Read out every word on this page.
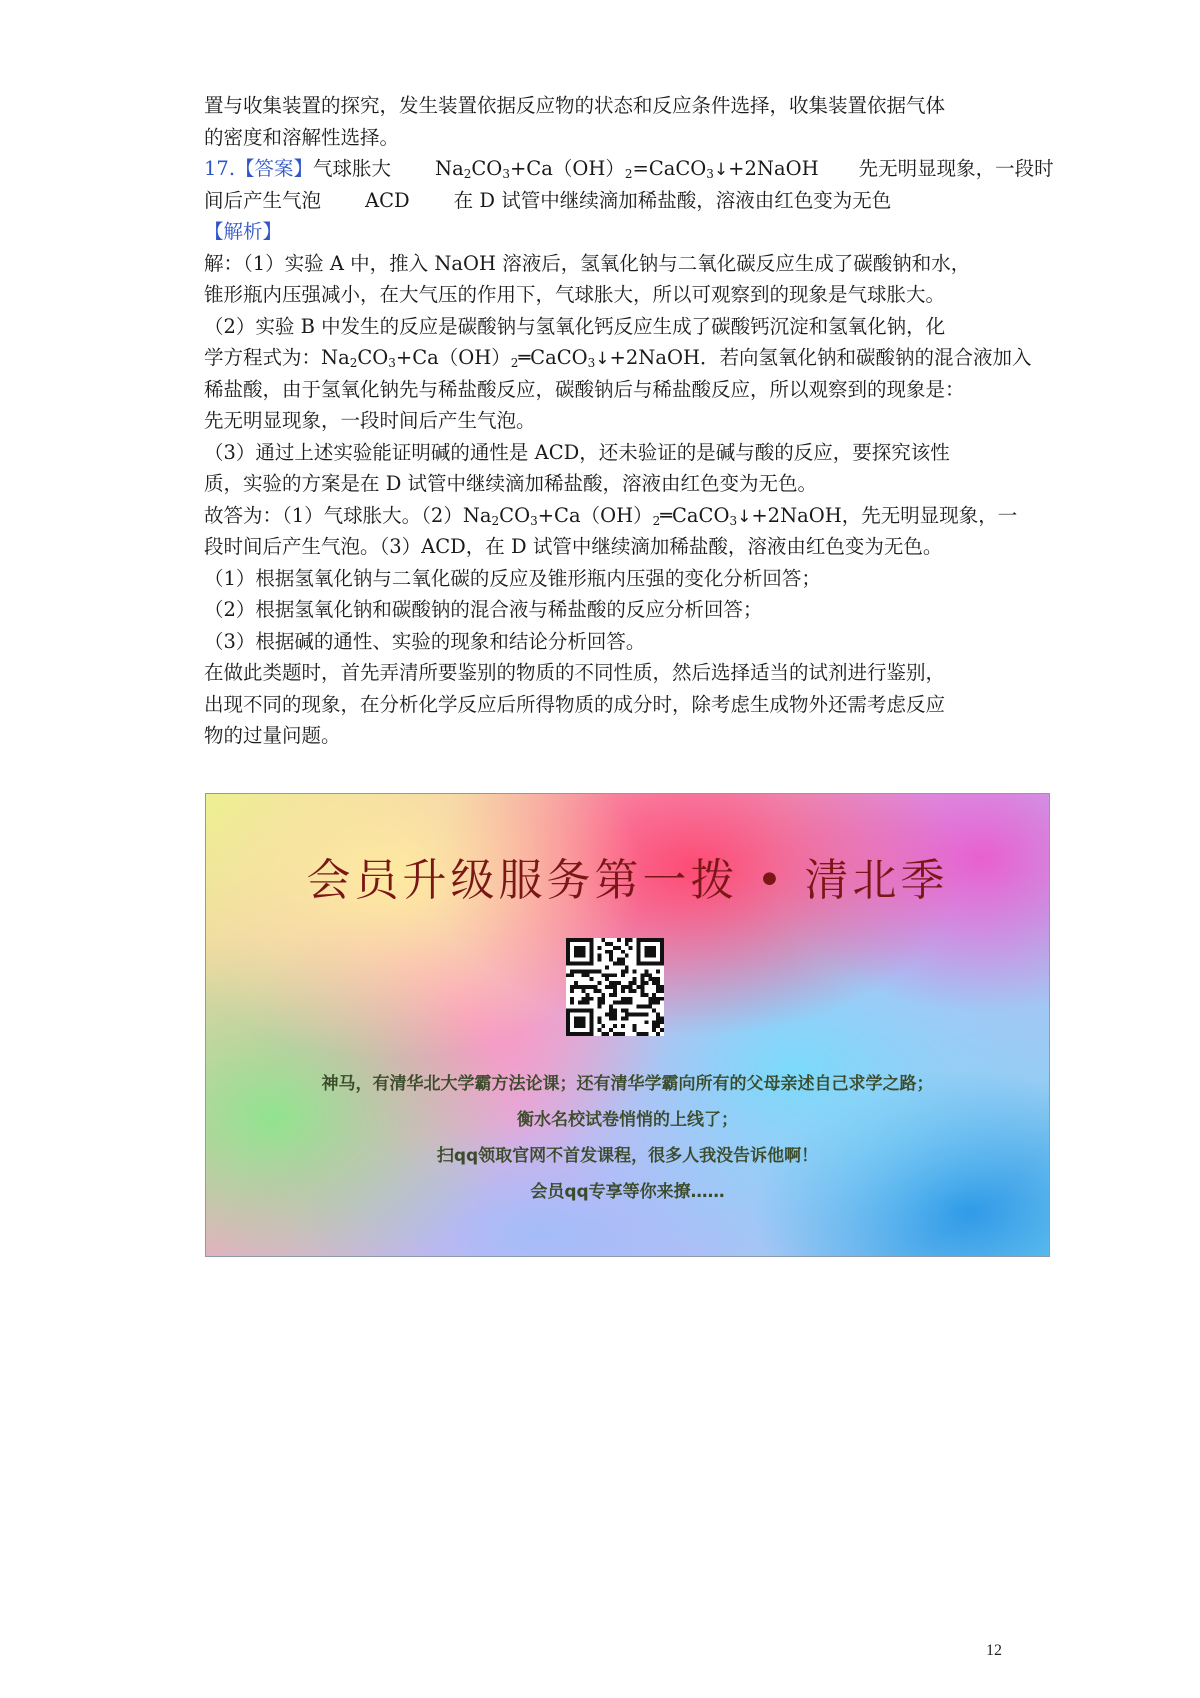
置与收集装置的探究，发生装置依据反应物的状态和反应条件选择，收集装置依据气体
的密度和溶解性选择。
17.【答案】气球胀大 $Na_2CO_3+Ca(OH)_2=CaCO_3↓+2NaOH$ 先无明显现象，一段时
间后产生气泡 ACD 在 D 试管中继续滴加稀盐酸，溶液由红色变为无色
【解析】
解：（1）实验 A 中，推入 NaOH 溶液后，氢氧化钠与二氧化碳反应生成了碳酸钠和水，
锥形瓶内压强减小，在大气压的作用下，气球胀大，所以可观察到的现象是气球胀大。
（2）实验 B 中发生的反应是碳酸钠与氢氧化钙反应生成了碳酸钙沉淀和氢氧化钠，化
学方程式为：$Na_2CO_3+Ca(OH)_2═CaCO_3↓+2NaOH$．若向氢氧化钠和碳酸钠的混合液加入
稀盐酸，由于氢氧化钠先与稀盐酸反应，碳酸钠后与稀盐酸反应，所以观察到的现象是：
先无明显现象，一段时间后产生气泡。
（3）通过上述实验能证明碱的通性是 ACD，还未验证的是碱与酸的反应，要探究该性
质，实验的方案是在 D 试管中继续滴加稀盐酸，溶液由红色变为无色。
故答为：（1）气球胀大。$(2)Na_2CO_3+Ca(OH)_2═CaCO_3↓+2NaOH$，先无明显现象，一
段时间后产生气泡。（3）ACD，在 D 试管中继续滴加稀盐酸，溶液由红色变为无色。
（1）根据氢氧化钠与二氧化碳的反应及锥形瓶内压强的变化分析回答；
（2）根据氢氧化钠和碳酸钠的混合液与稀盐酸的反应分析回答；
（3）根据碱的通性、实验的现象和结论分析回答。
在做此类题时，首先弄清所要鉴别的物质的不同性质，然后选择适当的试剂进行鉴别，
出现不同的现象，在分析化学反应后所得物质的成分时，除考虑生成物外还需考虑反应
物的过量问题。
会员升级服务第一拨 • 清北季
神马，有清华北大学霸方法论课；还有清华学霸向所有的父母亲述自己求学之路；
衡水名校试卷悄悄的上线了；
扫qq领取官网不首发课程，很多人我没告诉他啊！
会员qq专享等你来撩……
12
